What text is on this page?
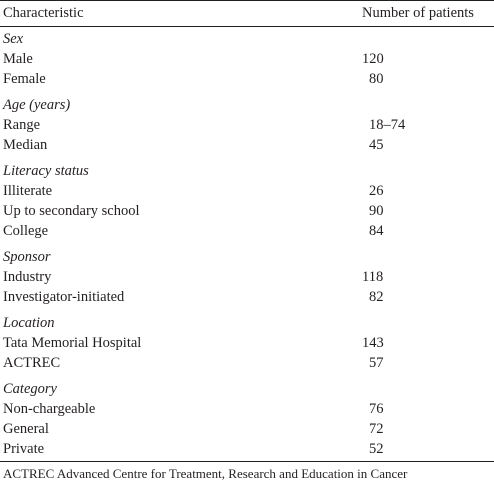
Characteristic	Number of patients
Sex
Male	120
Female	80
Age (years)
Range	18–74
Median	45
Literacy status
Illiterate	26
Up to secondary school	90
College	84
Sponsor
Industry	118
Investigator-initiated	82
Location
Tata Memorial Hospital	143
ACTREC	57
Category
Non-chargeable	76
General	72
Private	52
ACTREC Advanced Centre for Treatment, Research and Education in Cancer
